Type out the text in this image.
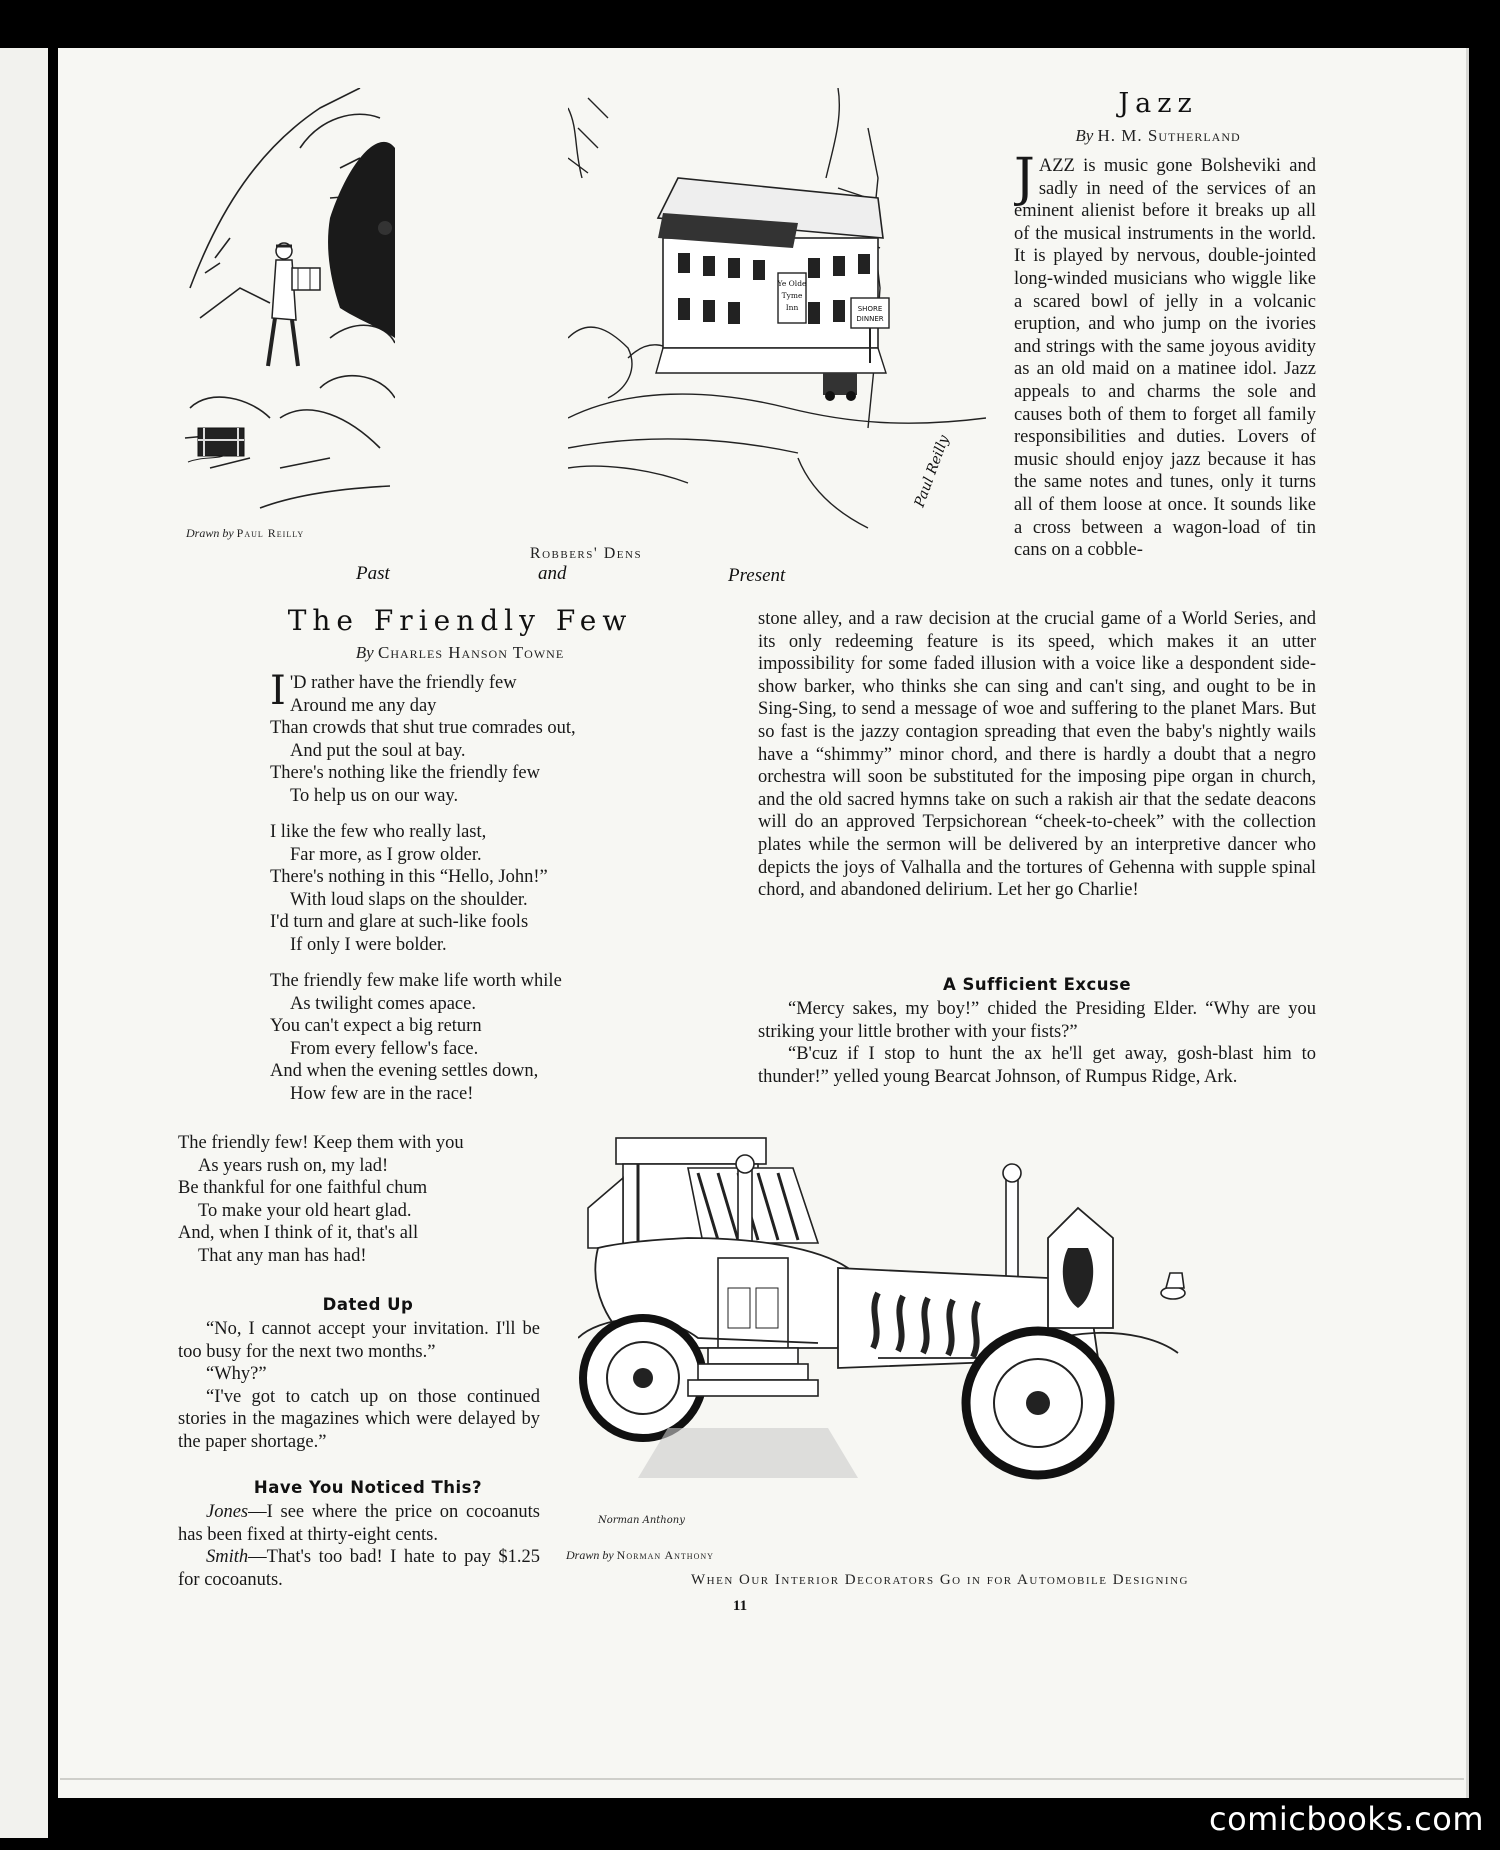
Drawn by Paul Reilly
Ye Olde
Tyme
Inn	SHORE
DINNER
Paul Reilly
Robbers' Dens
Past	and	Present
Jazz
By H. M. Sutherland
JAZZ is music gone Bolsheviki and sadly in need of the services of an eminent alienist before it breaks up all of the musical instruments in the world. It is played by nervous, double-jointed long-winded musicians who wiggle like a scared bowl of jelly in a volcanic eruption, and who jump on the ivories and strings with the same joyous avidity as an old maid on a matinee idol. Jazz appeals to and charms the sole and causes both of them to forget all family responsibilities and duties. Lovers of music should enjoy jazz because it has the same notes and tunes, only it turns all of them loose at once. It sounds like a cross between a wagon-load of tin cans on a cobble-
stone alley, and a raw decision at the crucial game of a World Series, and its only redeeming feature is its speed, which makes it an utter impossibility for some faded illusion with a voice like a despondent side-show barker, who thinks she can sing and can't sing, and ought to be in Sing-Sing, to send a message of woe and suffering to the planet Mars. But so fast is the jazzy contagion spreading that even the baby's nightly wails have a “shimmy” minor chord, and there is hardly a doubt that a negro orchestra will soon be substituted for the imposing pipe organ in church, and the old sacred hymns take on such a rakish air that the sedate deacons will do an approved Terpsichorean “cheek-to-cheek” with the collection plates while the sermon will be delivered by an interpretive dancer who depicts the joys of Valhalla and the tortures of Gehenna with supple spinal chord, and abandoned delirium. Let her go Charlie!
The Friendly Few
By Charles Hanson Towne
I 'D rather have the friendly few
Around me any day
Than crowds that shut true comrades out,
And put the soul at bay.
There's nothing like the friendly few
To help us on our way.
I like the few who really last,
Far more, as I grow older.
There's nothing in this “Hello, John!”
With loud slaps on the shoulder.
I'd turn and glare at such-like fools
If only I were bolder.
The friendly few make life worth while
As twilight comes apace.
You can't expect a big return
From every fellow's face.
And when the evening settles down,
How few are in the race!
The friendly few! Keep them with you
As years rush on, my lad!
Be thankful for one faithful chum
To make your old heart glad.
And, when I think of it, that's all
That any man has had!
A Sufficient Excuse

“Mercy sakes, my boy!” chided the Presiding Elder. “Why are you striking your little brother with your fists?”

“B'cuz if I stop to hunt the ax he'll get away, gosh-blast him to thunder!” yelled young Bearcat Johnson, of Rumpus Ridge, Ark.

Dated Up

“No, I cannot accept your invitation. I'll be too busy for the next two months.”

“Why?”

“I've got to catch up on those continued stories in the magazines which were delayed by the paper shortage.”

Have You Noticed This?

Jones—I see where the price on cocoanuts has been fixed at thirty-eight cents.

Smith—That's too bad! I hate to pay $1.25 for cocoanuts.

Norman Anthony
Drawn by Norman Anthony
When Our Interior Decorators Go in for Automobile Designing
11
comicbooks.com
